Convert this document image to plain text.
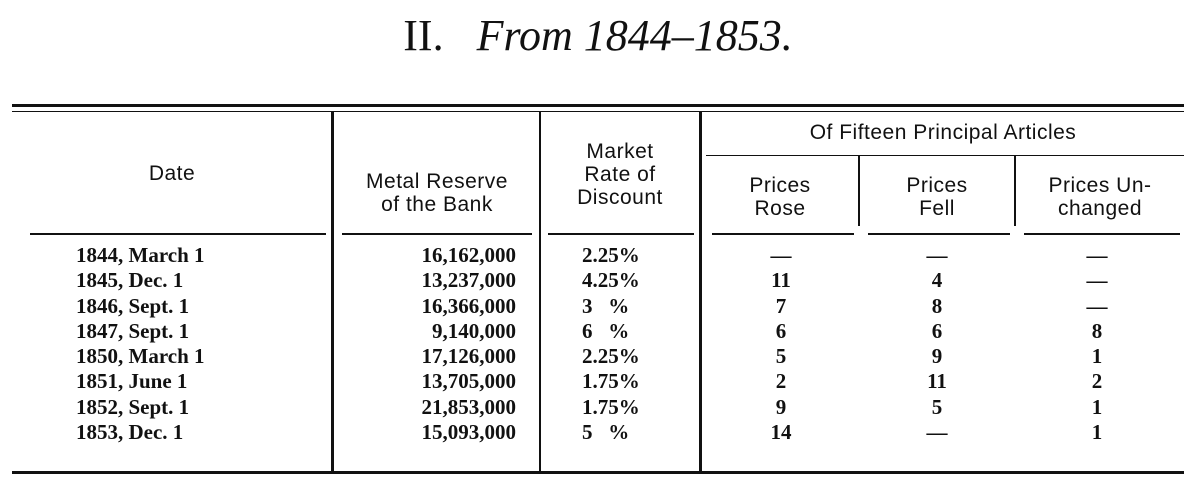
II. From 1844–1853.
Date	Metal Reserve
of the Bank
Market
Rate of
Discount
Of Fifteen Principal Articles
Prices
Rose
Prices
Fell
Prices Un-
changed
1844, March 1
1845, Dec. 1
1846, Sept. 1
1847, Sept. 1
1850, March 1
1851, June 1
1852, Sept. 1
1853, Dec. 1
16,162,000
13,237,000
16,366,000
9,140,000
17,126,000
13,705,000
21,853,000
15,093,000
2.25%
4.25%
3   %
6   %
2.25%
1.75%
1.75%
5   %
—
11
7
6
5
2
9
14
—
4
8
6
9
11
5
—
—
—
—
8
1
2
1
1
